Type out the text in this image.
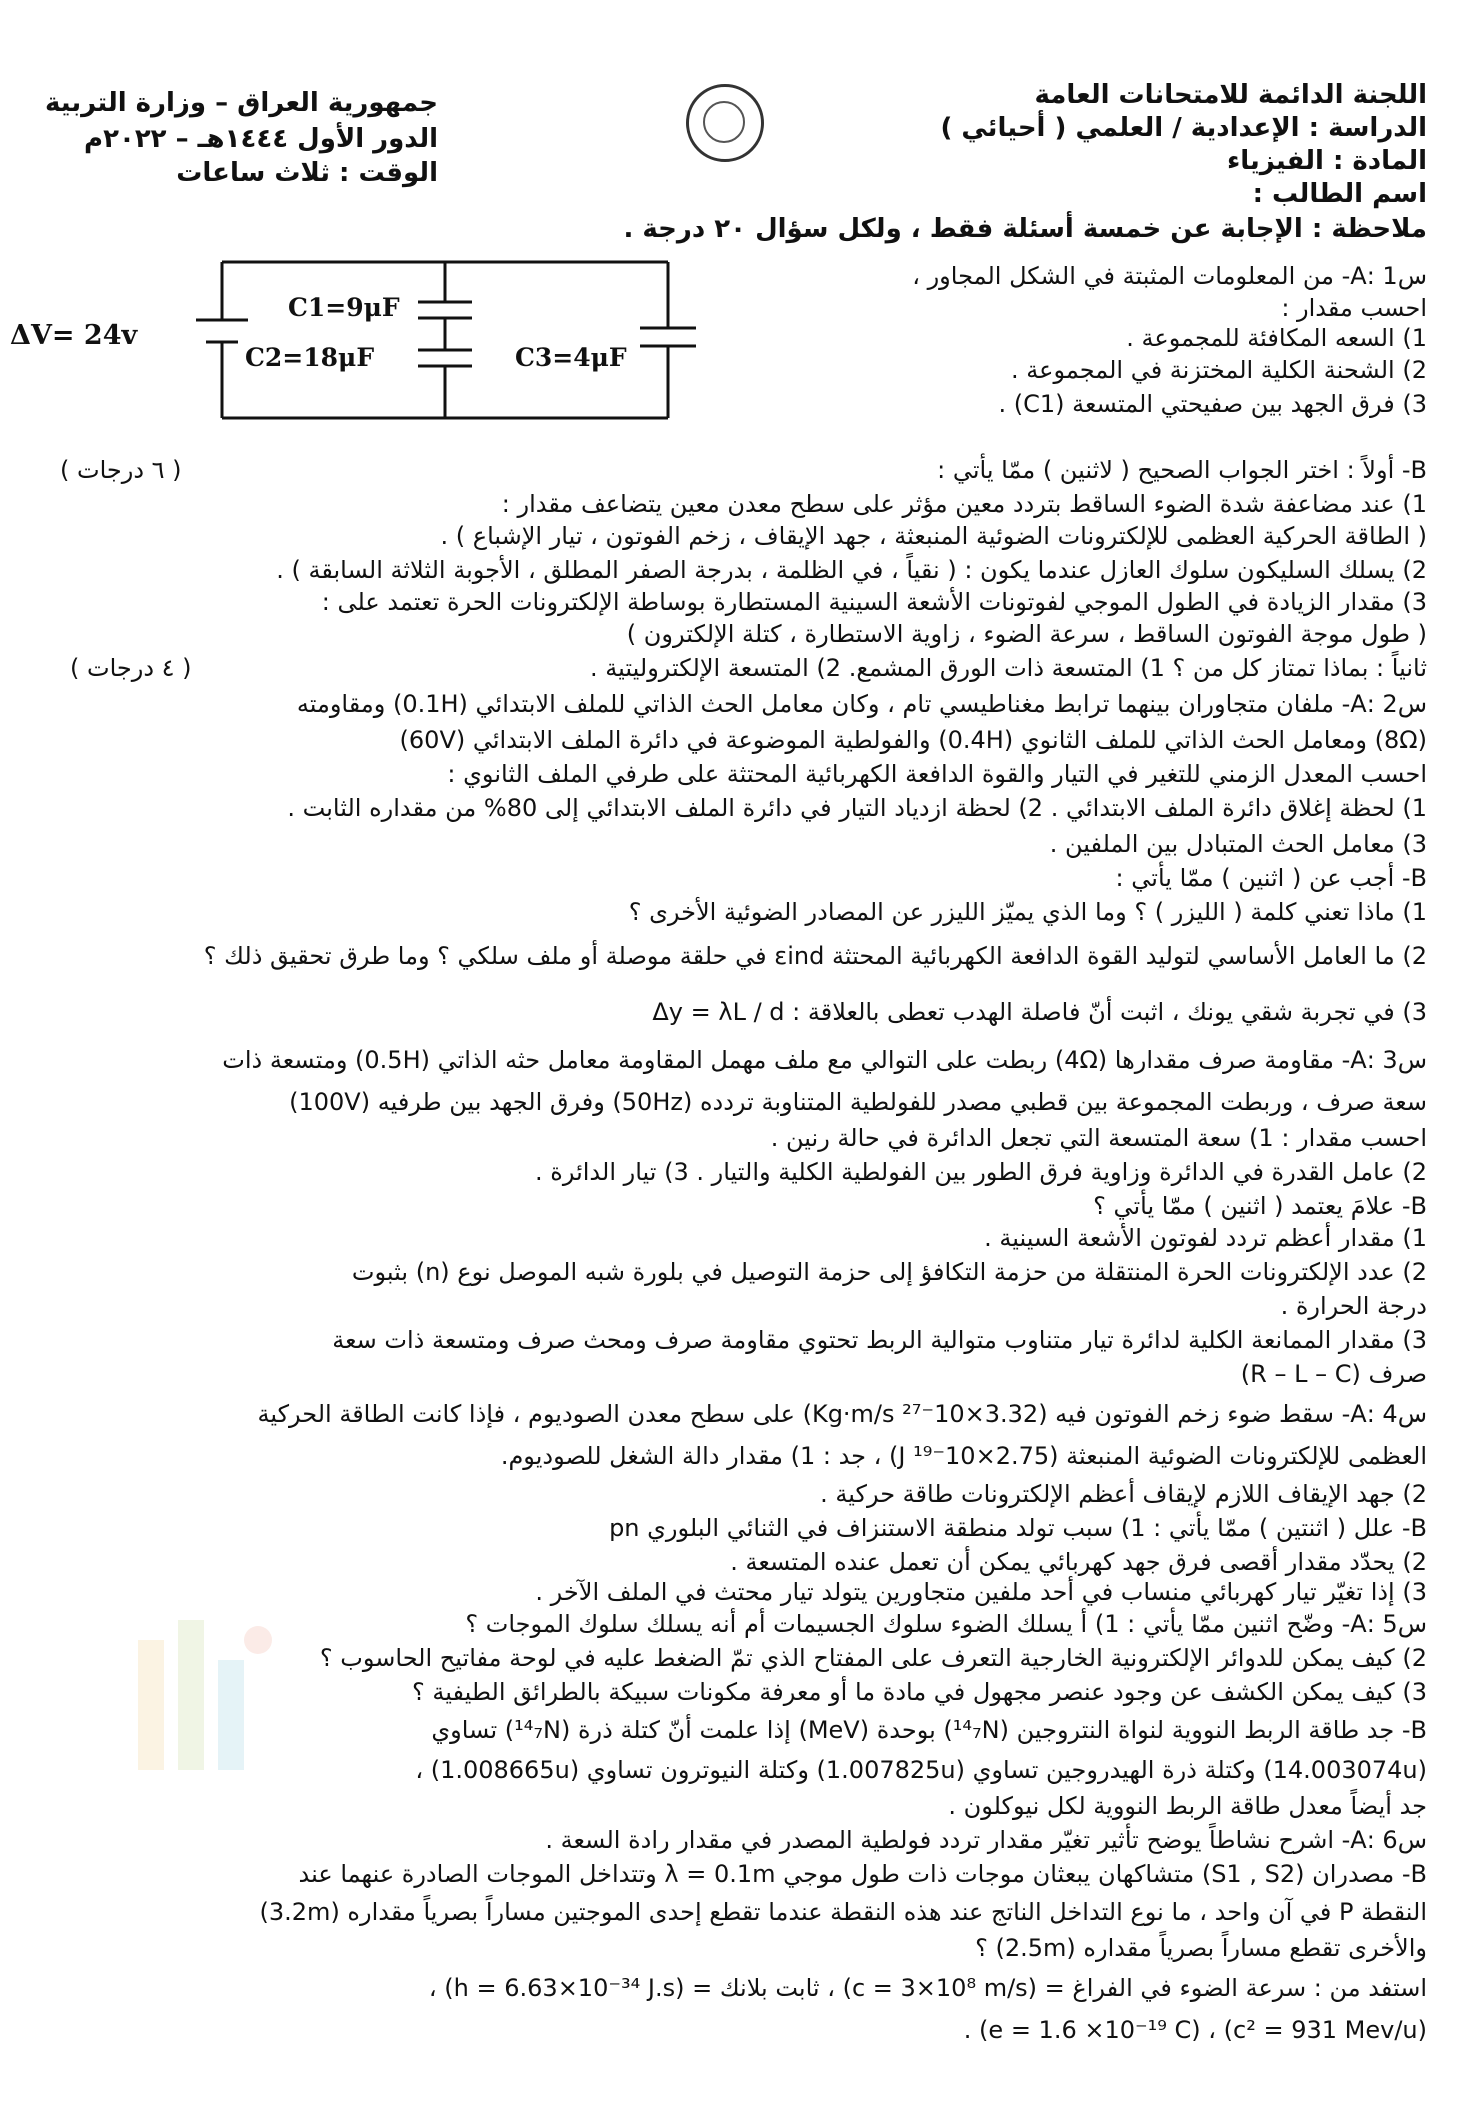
اللجنة الدائمة للامتحانات العامة
الدراسة : الإعدادية / العلمي ( أحيائي )
المادة : الفيزياء
اسم الطالب :
جمهورية العراق – وزارة التربية
الدور الأول ١٤٤٤هـ – ٢٠٢٢م
الوقت : ثلاث ساعات
ملاحظة : الإجابة عن خمسة أسئلة فقط ، ولكل سؤال ٢٠ درجة .
ΔV= 24v
C1=9μF
C2=18μF	C3=4μF
س1 :A- من المعلومات المثبتة في الشكل المجاور ،
احسب مقدار :
1) السعه المكافئة للمجموعة .
2) الشحنة الكلية المختزنة في المجموعة .
3) فرق الجهد بين صفيحتي المتسعة (C1) .
B- أولاً : اختر الجواب الصحيح ( لاثنين ) ممّا يأتي :
( ٦ درجات )
1) عند مضاعفة شدة الضوء الساقط بتردد معين مؤثر على سطح معدن معين يتضاعف مقدار :
( الطاقة الحركية العظمى للإلكترونات الضوئية المنبعثة ، جهد الإيقاف ، زخم الفوتون ، تيار الإشباع ) .
2) يسلك السليكون سلوك العازل عندما يكون : ( نقياً ، في الظلمة ، بدرجة الصفر المطلق ، الأجوبة الثلاثة السابقة ) .
3) مقدار الزيادة في الطول الموجي لفوتونات الأشعة السينية المستطارة بوساطة الإلكترونات الحرة تعتمد على :
( طول موجة الفوتون الساقط ، سرعة الضوء ، زاوية الاستطارة ، كتلة الإلكترون )
ثانياً : بماذا تمتاز كل من ؟ 1) المتسعة ذات الورق المشمع. 2) المتسعة الإلكتروليتية .
( ٤ درجات )
س2 :A- ملفان متجاوران بينهما ترابط مغناطيسي تام ، وكان معامل الحث الذاتي للملف الابتدائي (0.1H) ومقاومته
(8Ω) ومعامل الحث الذاتي للملف الثانوي (0.4H) والفولطية الموضوعة في دائرة الملف الابتدائي (60V)
احسب المعدل الزمني للتغير في التيار والقوة الدافعة الكهربائية المحتثة على طرفي الملف الثانوي :
1) لحظة إغلاق دائرة الملف الابتدائي . 2) لحظة ازدياد التيار في دائرة الملف الابتدائي إلى 80% من مقداره الثابت .
3) معامل الحث المتبادل بين الملفين .
B- أجب عن ( اثنين ) ممّا يأتي :
1) ماذا تعني كلمة ( الليزر ) ؟ وما الذي يميّز الليزر عن المصادر الضوئية الأخرى ؟
2) ما العامل الأساسي لتوليد القوة الدافعة الكهربائية المحتثة εind في حلقة موصلة أو ملف سلكي ؟ وما طرق تحقيق ذلك ؟
3) في تجربة شقي يونك ، اثبت أنّ فاصلة الهدب تعطى بالعلاقة : Δy = λL / d
س3 :A- مقاومة صرف مقدارها (4Ω) ربطت على التوالي مع ملف مهمل المقاومة معامل حثه الذاتي (0.5H) ومتسعة ذات
سعة صرف ، وربطت المجموعة بين قطبي مصدر للفولطية المتناوبة تردده (50Hz) وفرق الجهد بين طرفيه (100V)
احسب مقدار : 1) سعة المتسعة التي تجعل الدائرة في حالة رنين .
2) عامل القدرة في الدائرة وزاوية فرق الطور بين الفولطية الكلية والتيار . 3) تيار الدائرة .
B- علامَ يعتمد ( اثنين ) ممّا يأتي ؟
1) مقدار أعظم تردد لفوتون الأشعة السينية .
2) عدد الإلكترونات الحرة المنتقلة من حزمة التكافؤ إلى حزمة التوصيل في بلورة شبه الموصل نوع (n) بثبوت
درجة الحرارة .
3) مقدار الممانعة الكلية لدائرة تيار متناوب متوالية الربط تحتوي مقاومة صرف ومحث صرف ومتسعة ذات سعة
صرف (R – L – C)
س4 :A- سقط ضوء زخم الفوتون فيه (3.32×10⁻²⁷ Kg·m/s) على سطح معدن الصوديوم ، فإذا كانت الطاقة الحركية
العظمى للإلكترونات الضوئية المنبعثة (2.75×10⁻¹⁹ J) ، جد : 1) مقدار دالة الشغل للصوديوم.
2) جهد الإيقاف اللازم لإيقاف أعظم الإلكترونات طاقة حركية .
B- علل ( اثنتين ) ممّا يأتي : 1) سبب تولد منطقة الاستنزاف في الثنائي البلوري pn
2) يحدّد مقدار أقصى فرق جهد كهربائي يمكن أن تعمل عنده المتسعة .
3) إذا تغيّر تيار كهربائي منساب في أحد ملفين متجاورين يتولد تيار محتث في الملف الآخر .
س5 :A- وضّح اثنين ممّا يأتي : 1) أ يسلك الضوء سلوك الجسيمات أم أنه يسلك سلوك الموجات ؟
2) كيف يمكن للدوائر الإلكترونية الخارجية التعرف على المفتاح الذي تمّ الضغط عليه في لوحة مفاتيح الحاسوب ؟
3) كيف يمكن الكشف عن وجود عنصر مجهول في مادة ما أو معرفة مكونات سبيكة بالطرائق الطيفية ؟
B- جد طاقة الربط النووية لنواة النتروجين (¹⁴₇N) بوحدة (MeV) إذا علمت أنّ كتلة ذرة (¹⁴₇N) تساوي
(14.003074u) وكتلة ذرة الهيدروجين تساوي (1.007825u) وكتلة النيوترون تساوي (1.008665u) ،
جد أيضاً معدل طاقة الربط النووية لكل نيوكلون .
س6 :A- اشرح نشاطاً يوضح تأثير تغيّر مقدار تردد فولطية المصدر في مقدار رادة السعة .
B- مصدران (S1 , S2) متشاكهان يبعثان موجات ذات طول موجي λ = 0.1m وتتداخل الموجات الصادرة عنهما عند
النقطة P في آن واحد ، ما نوع التداخل الناتج عند هذه النقطة عندما تقطع إحدى الموجتين مساراً بصرياً مقداره (3.2m)
والأخرى تقطع مساراً بصرياً مقداره (2.5m) ؟
استفد من : سرعة الضوء في الفراغ = (c = 3×10⁸ m/s) ، ثابت بلانك = (h = 6.63×10⁻³⁴ J.s) ،
(c² = 931 Mev/u) ، (e = 1.6 ×10⁻¹⁹ C) .
